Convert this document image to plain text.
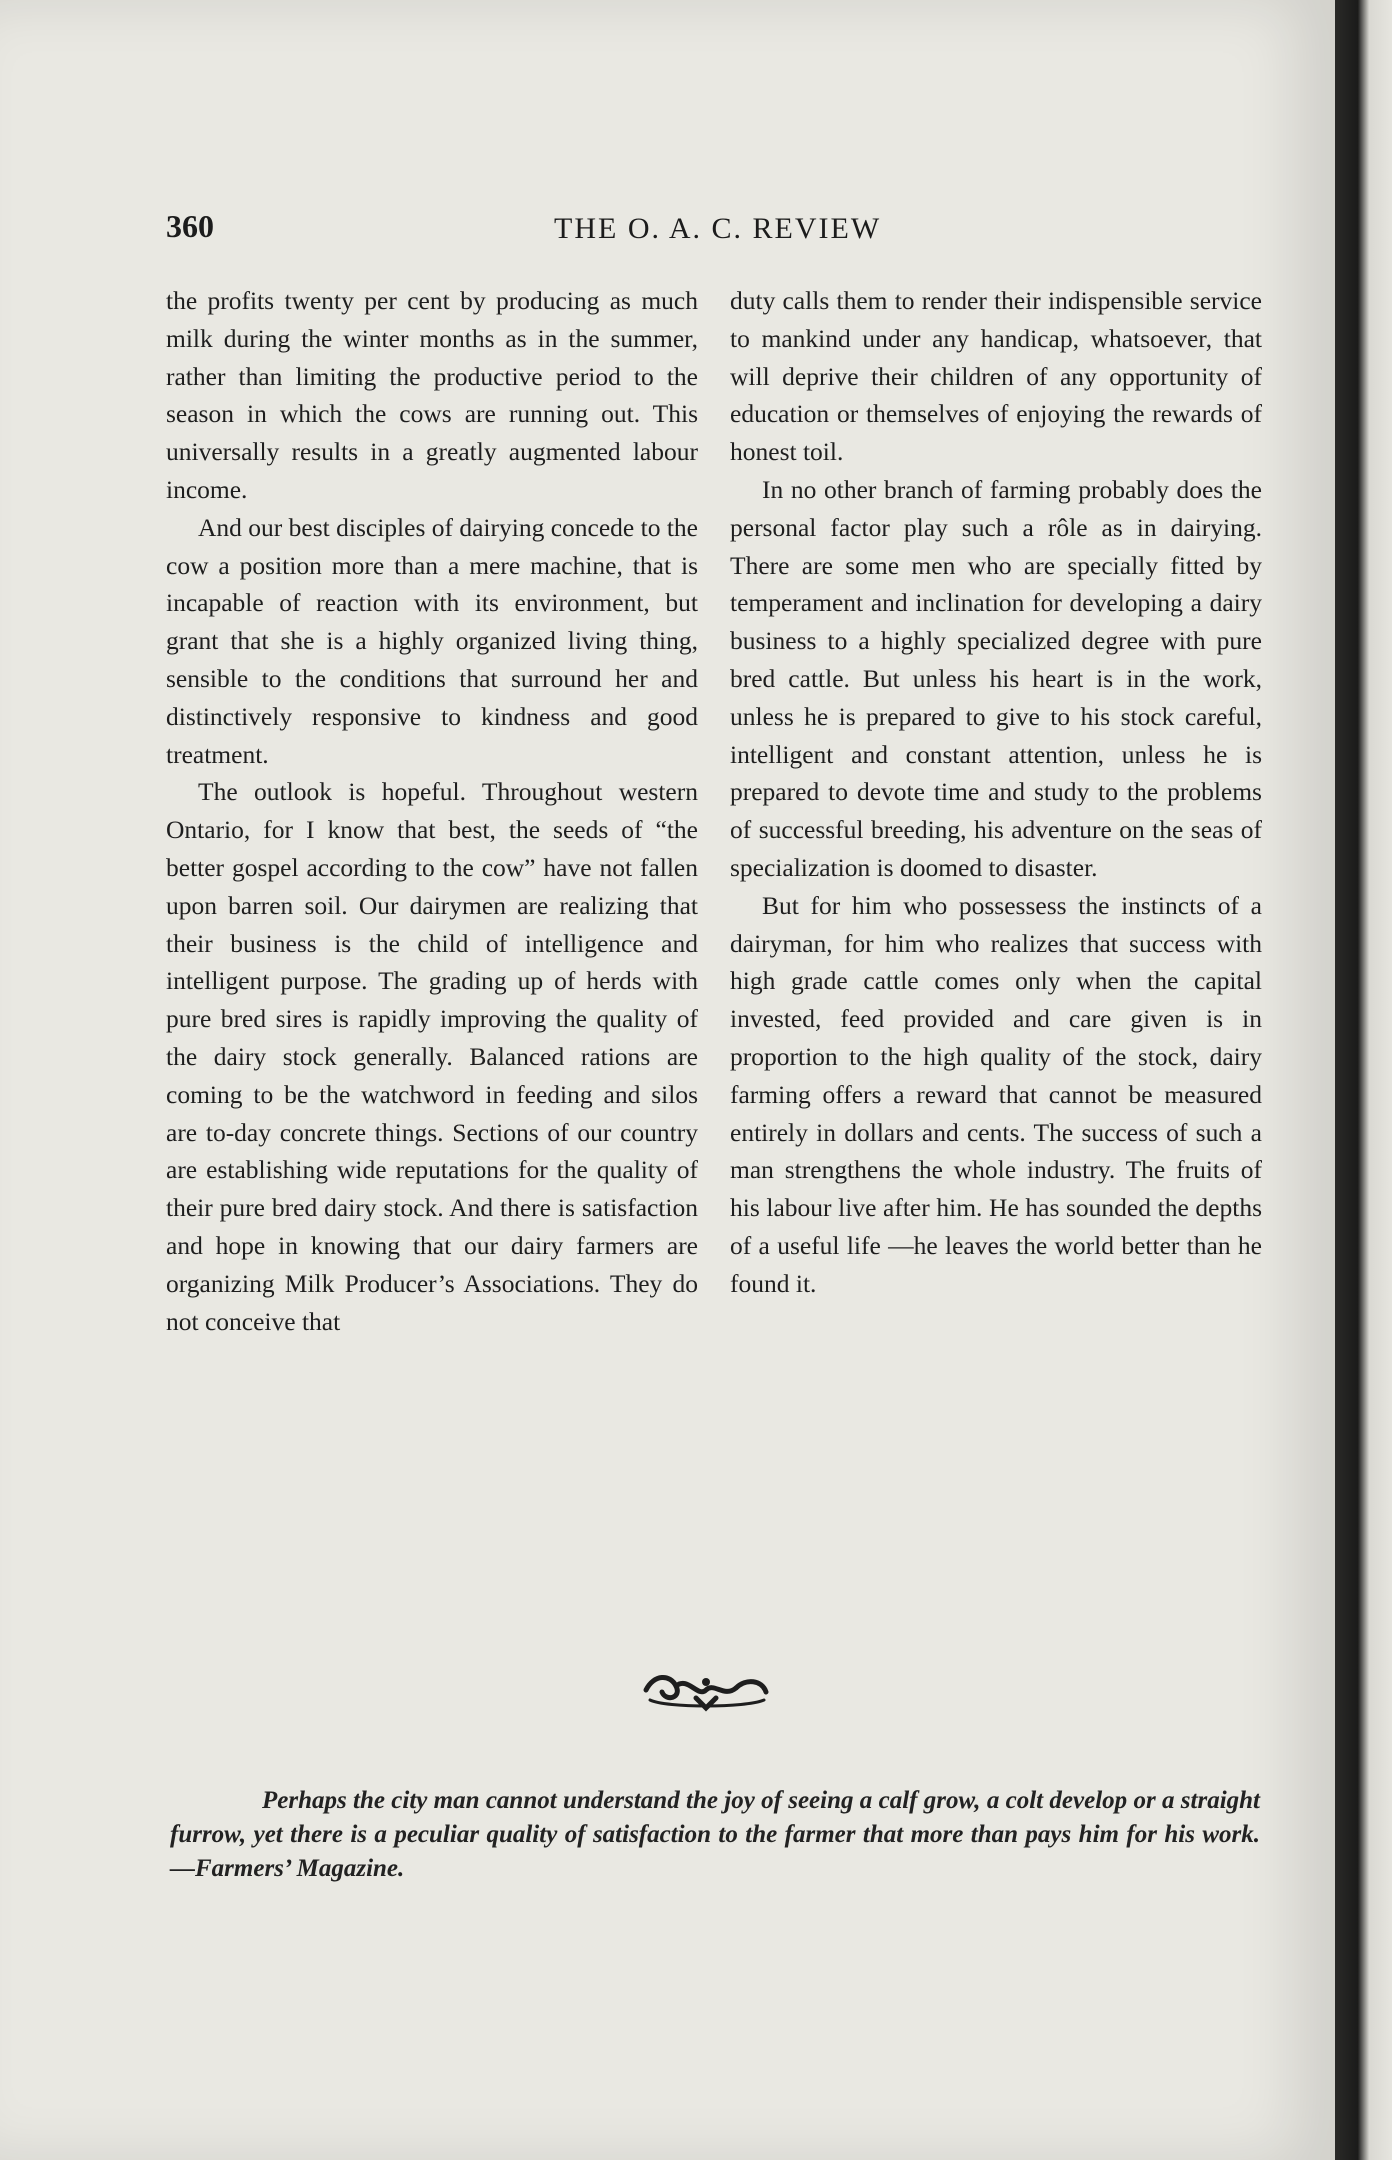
360	THE O. A. C. REVIEW

the profits twenty per cent by producing as much milk during the winter months as in the summer, rather than limiting the productive period to the season in which the cows are running out. This universally results in a greatly augmented labour income.

And our best disciples of dairying concede to the cow a position more than a mere machine, that is incapable of reaction with its environment, but grant that she is a highly organized living thing, sensible to the conditions that surround her and distinctively responsive to kindness and good treatment.

The outlook is hopeful. Throughout western Ontario, for I know that best, the seeds of “the better gospel according to the cow” have not fallen upon barren soil. Our dairymen are realizing that their business is the child of intelligence and intelligent purpose. The grading up of herds with pure bred sires is rapidly improving the quality of the dairy stock generally. Balanced rations are coming to be the watchword in feeding and silos are to-day concrete things. Sections of our country are establishing wide reputations for the quality of their pure bred dairy stock. And there is satisfaction and hope in knowing that our dairy farmers are organizing Milk Producer’s Associations. They do not conceive that

duty calls them to render their indispensible service to mankind under any handicap, whatsoever, that will deprive their children of any opportunity of education or themselves of enjoying the rewards of honest toil.

In no other branch of farming probably does the personal factor play such a rôle as in dairying. There are some men who are specially fitted by temperament and inclination for developing a dairy business to a highly specialized degree with pure bred cattle. But unless his heart is in the work, unless he is prepared to give to his stock careful, intelligent and constant attention, unless he is prepared to devote time and study to the problems of successful breeding, his adventure on the seas of specialization is doomed to disaster.

But for him who possessess the instincts of a dairyman, for him who realizes that success with high grade cattle comes only when the capital invested, feed provided and care given is in proportion to the high quality of the stock, dairy farming offers a reward that cannot be measured entirely in dollars and cents. The success of such a man strengthens the whole industry. The fruits of his labour live after him. He has sounded the depths of a useful life —he leaves the world better than he found it.

Perhaps the city man cannot understand the joy of seeing a calf grow, a colt develop or a straight furrow, yet there is a peculiar quality of satisfaction to the farmer that more than pays him for his work.—Farmers’ Magazine.
